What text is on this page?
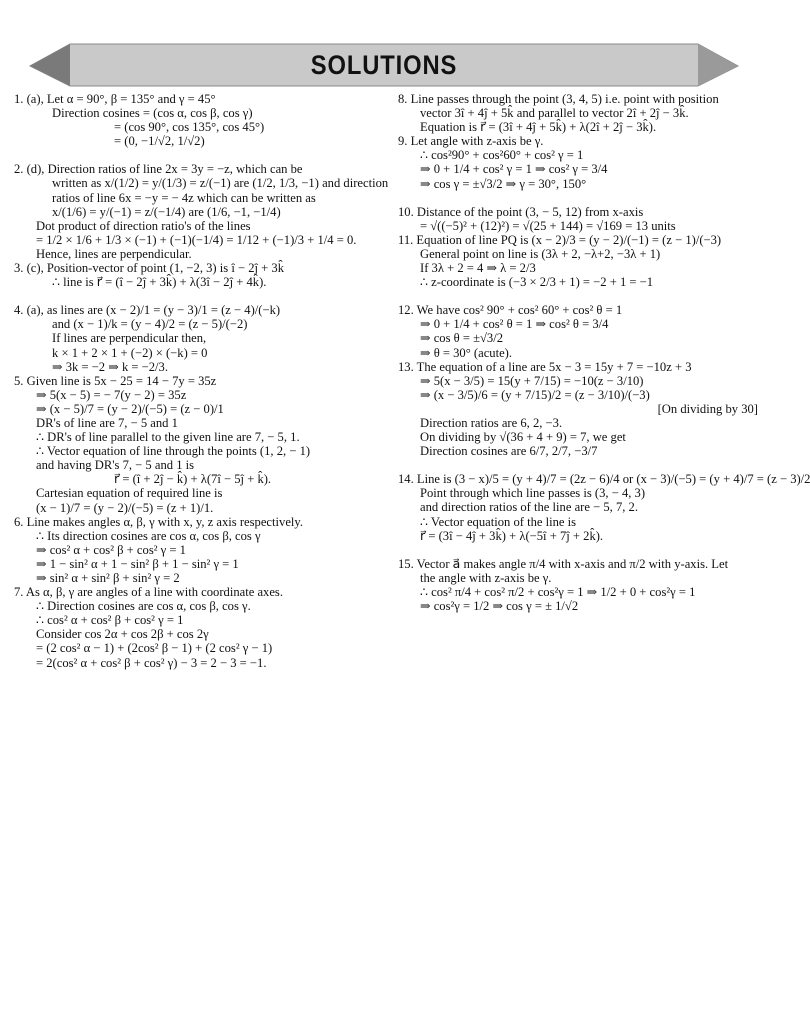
SOLUTIONS
1. (a), Let α = 90°, β = 135° and γ = 45°
Direction cosines = (cos α, cos β, cos γ)
= (cos 90°, cos 135°, cos 45°)
= (0, −1/√2, 1/√2)
2. (d), Direction ratios of line 2x = 3y = −z, which can be
written as x/(1/2) = y/(1/3) = z/(−1) are (1/2, 1/3, −1) and direction
ratios of line 6x = −y = − 4z which can be written as
x/(1/6) = y/(−1) = z/(−1/4) are (1/6, −1, −1/4)
Dot product of direction ratio's of the lines
= 1/2 × 1/6 + 1/3 × (−1) + (−1)(−1/4) = 1/12 + (−1)/3 + 1/4 = 0.
Hence, lines are perpendicular.
3. (c), Position-vector of point (1, −2, 3) is î − 2ĵ + 3k̂
∴ line is r⃗ = (î − 2ĵ + 3k̂) + λ(3î − 2ĵ + 4k̂).
4. (a), as lines are (x − 2)/1 = (y − 3)/1 = (z − 4)/(−k)
and (x − 1)/k = (y − 4)/2 = (z − 5)/(−2)
If lines are perpendicular then,
k × 1 + 2 × 1 + (−2) × (−k) = 0
⇒ 3k = −2 ⇒ k = −2/3.
5. Given line is 5x − 25 = 14 − 7y = 35z
⇒ 5(x − 5) = − 7(y − 2) = 35z
⇒ (x − 5)/7 = (y − 2)/(−5) = (z − 0)/1
DR's of line are 7, − 5 and 1
∴ DR's of line parallel to the given line are 7, − 5, 1.
∴ Vector equation of line through the points (1, 2, − 1)
and having DR's 7, − 5 and 1 is
r⃗ = (î + 2ĵ − k̂) + λ(7î − 5ĵ + k̂).
Cartesian equation of required line is
(x − 1)/7 = (y − 2)/(−5) = (z + 1)/1.
6. Line makes angles α, β, γ with x, y, z axis respectively.
∴ Its direction cosines are cos α, cos β, cos γ
⇒ cos² α + cos² β + cos² γ = 1
⇒ 1 − sin² α + 1 − sin² β + 1 − sin² γ = 1
⇒ sin² α + sin² β + sin² γ = 2
7. As α, β, γ are angles of a line with coordinate axes.
∴ Direction cosines are cos α, cos β, cos γ.
∴ cos² α + cos² β + cos² γ = 1
Consider cos 2α + cos 2β + cos 2γ
= (2 cos² α − 1) + (2cos² β − 1) + (2 cos² γ − 1)
= 2(cos² α + cos² β + cos² γ) − 3 = 2 − 3 = −1.
8. Line passes through the point (3, 4, 5) i.e. point with position
vector 3î + 4ĵ + 5k̂ and parallel to vector 2î + 2ĵ − 3k̂.
Equation is r⃗ = (3î + 4ĵ + 5k̂) + λ(2î + 2ĵ − 3k̂).
9. Let angle with z-axis be γ.
∴ cos²90° + cos²60° + cos² γ = 1
⇒ 0 + 1/4 + cos² γ = 1 ⇒ cos² γ = 3/4
⇒ cos γ = ±√3/2 ⇒ γ = 30°, 150°
10. Distance of the point (3, − 5, 12) from x-axis
= √((−5)² + (12)²) = √(25 + 144) = √169 = 13 units
11. Equation of line PQ is (x − 2)/3 = (y − 2)/(−1) = (z − 1)/(−3)
General point on line is (3λ + 2, −λ+2, −3λ + 1)
If 3λ + 2 = 4 ⇒ λ = 2/3
∴ z-coordinate is (−3 × 2/3 + 1) = −2 + 1 = −1
12. We have cos² 90° + cos² 60° + cos² θ = 1
⇒ 0 + 1/4 + cos² θ = 1 ⇒ cos² θ = 3/4
⇒ cos θ = ±√3/2
⇒ θ = 30° (acute).
13. The equation of a line are 5x − 3 = 15y + 7 = −10z + 3
⇒ 5(x − 3/5) = 15(y + 7/15) = −10(z − 3/10)
⇒ (x − 3/5)/6 = (y + 7/15)/2 = (z − 3/10)/(−3)
[On dividing by 30]
Direction ratios are 6, 2, −3.
On dividing by √(36 + 4 + 9) = 7, we get
Direction cosines are 6/7, 2/7, −3/7
14. Line is (3 − x)/5 = (y + 4)/7 = (2z − 6)/4 or (x − 3)/(−5) = (y + 4)/7 = (z − 3)/2
Point through which line passes is (3, − 4, 3)
and direction ratios of the line are − 5, 7, 2.
∴ Vector equation of the line is
r⃗ = (3î − 4ĵ + 3k̂) + λ(−5î + 7ĵ + 2k̂).
15. Vector a⃗ makes angle π/4 with x-axis and π/2 with y-axis. Let
the angle with z-axis be γ.
∴ cos² π/4 + cos² π/2 + cos²γ = 1 ⇒ 1/2 + 0 + cos²γ = 1
⇒ cos²γ = 1/2 ⇒ cos γ = ± 1/√2
